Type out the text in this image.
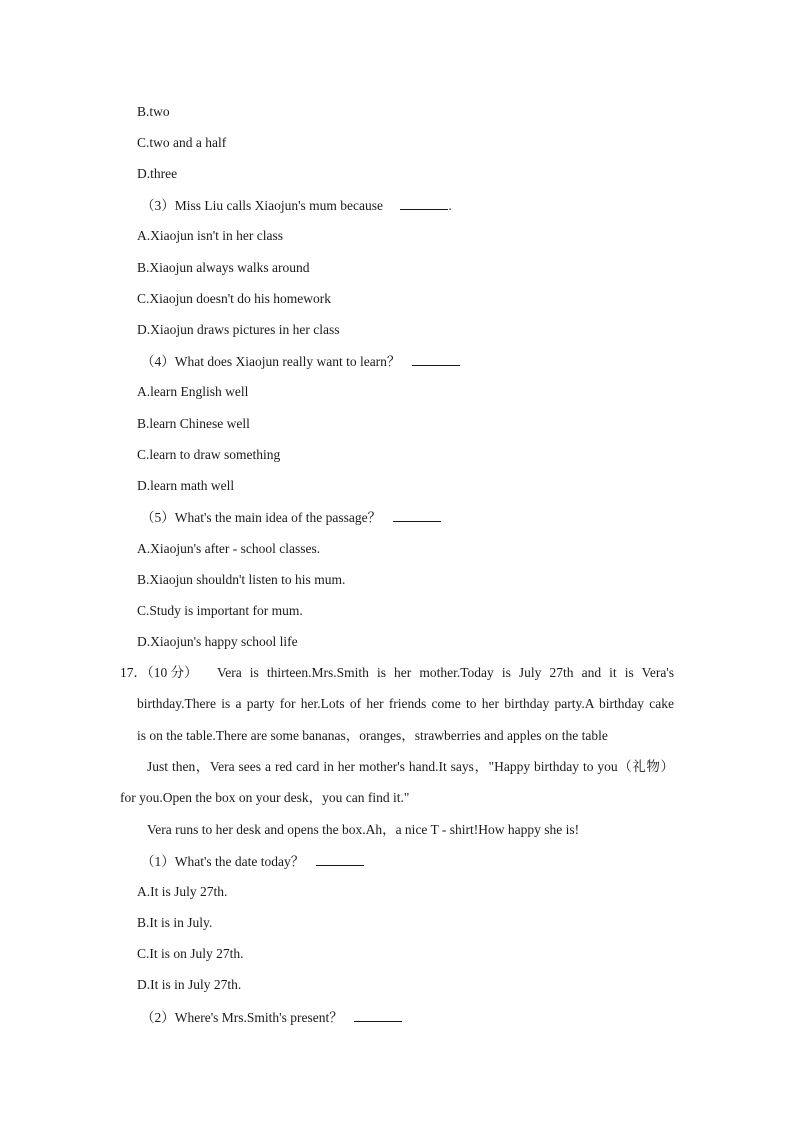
B.two
C.two and a half
D.three
（3）Miss Liu calls Xiaojun's mum because	.
A.Xiaojun isn't in her class
B.Xiaojun always walks around
C.Xiaojun doesn't do his homework
D.Xiaojun draws pictures in her class
（4）What does Xiaojun really want to learn？
A.learn English well
B.learn Chinese well
C.learn to draw something
D.learn math well
（5）What's the main idea of the passage？
A.Xiaojun's after - school classes.
B.Xiaojun shouldn't listen to his mum.
C.Study is important for mum.
D.Xiaojun's happy school life
17．（10 分） Vera is thirteen.Mrs.Smith is her mother.Today is July 27th and it is Vera's
birthday.There is a party for her.Lots of her friends come to her birthday party.A birthday cake
is on the table.There are some bananas，oranges，strawberries and apples on the table
Just then，Vera sees a red card in her mother's hand.It says，"Happy birthday to you（礼物）
for you.Open the box on your desk，you can find it."
Vera runs to her desk and opens the box.Ah，a nice T - shirt!How happy she is!
（1）What's the date today？
A.It is July 27th.
B.It is in July.
C.It is on July 27th.
D.It is in July 27th.
（2）Where's Mrs.Smith's present？
